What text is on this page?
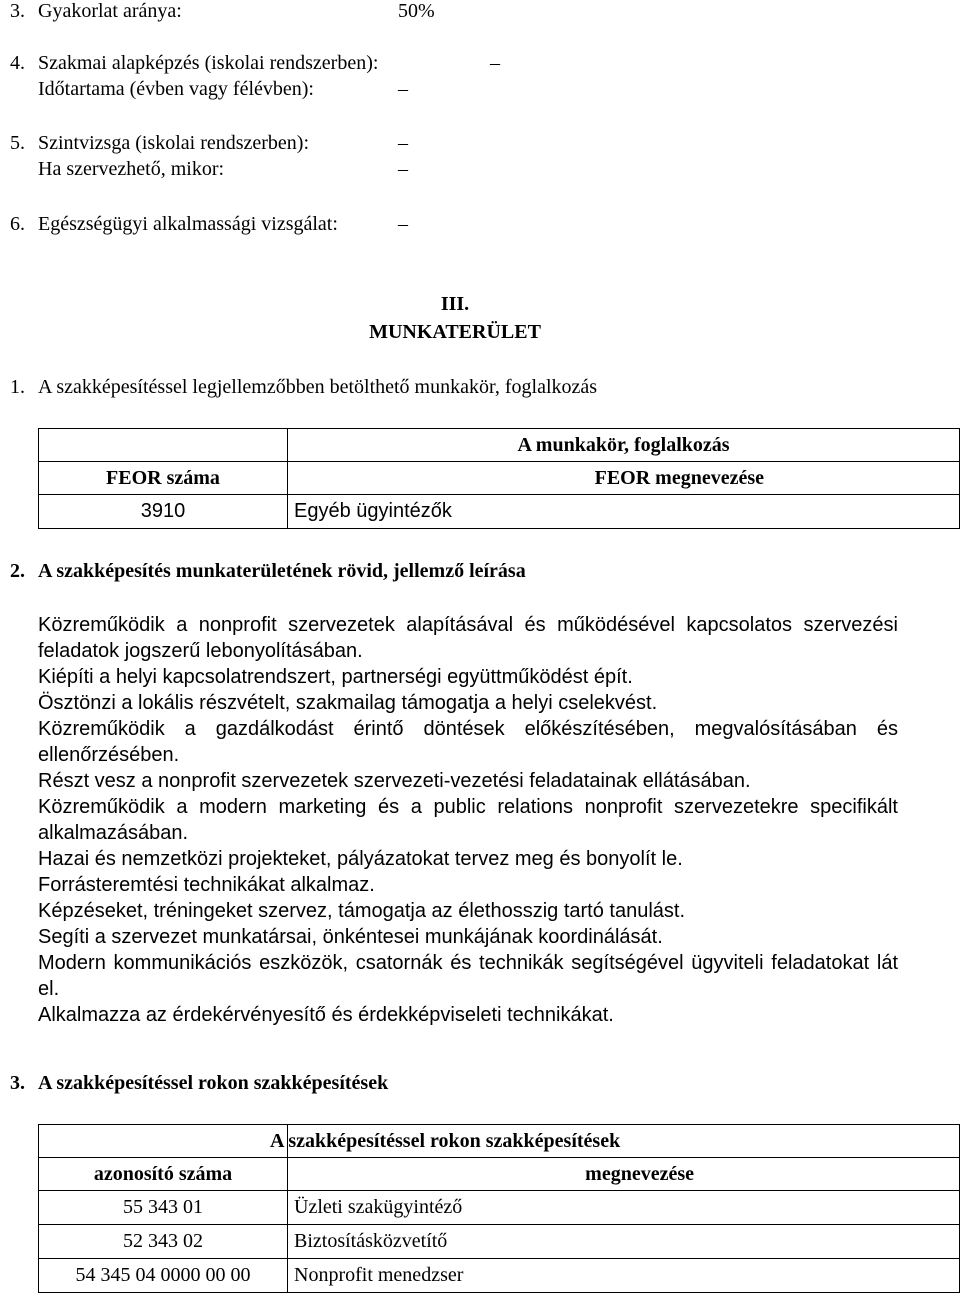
3. Gyakorlat aránya:	50%
4. Szakmai alapképzés (iskolai rendszerben):	–
Időtartama (évben vagy félévben):	–
5. Szintvizsga (iskolai rendszerben):	–
Ha szervezhető, mikor:	–
6. Egészségügyi alkalmassági vizsgálat:	–
III.
MUNKATERÜLET
1. A szakképesítéssel legjellemzőbben betölthető munkakör, foglalkozás
	A munkakör, foglalkozás
FEOR száma	FEOR megnevezése
3910	Egyéb ügyintézők
2. A szakképesítés munkaterületének rövid, jellemző leírása
Közreműködik a nonprofit szervezetek alapításával és működésével kapcsolatos szervezési feladatok jogszerű lebonyolításában.
Kiépíti a helyi kapcsolatrendszert, partnerségi együttműködést épít.
Ösztönzi a lokális részvételt, szakmailag támogatja a helyi cselekvést.
Közreműködik a gazdálkodást érintő döntések előkészítésében, megvalósításában és ellenőrzésében.
Részt vesz a nonprofit szervezetek szervezeti-vezetési feladatainak ellátásában.
Közreműködik a modern marketing és a public relations nonprofit szervezetekre specifikált alkalmazásában.
Hazai és nemzetközi projekteket, pályázatokat tervez meg és bonyolít le.
Forrásteremtési technikákat alkalmaz.
Képzéseket, tréningeket szervez, támogatja az élethosszig tartó tanulást.
Segíti a szervezet munkatársai, önkéntesei munkájának koordinálását.
Modern kommunikációs eszközök, csatornák és technikák segítségével ügyviteli feladatokat lát el.
Alkalmazza az érdekérvényesítő és érdekképviseleti technikákat.
3. A szakképesítéssel rokon szakképesítések
	A szakképesítéssel rokon szakképesítések
azonosító száma	megnevezése
55 343 01	Üzleti szakügyintéző
52 343 02	Biztosításközvetítő
54 345 04 0000 00 00	Nonprofit menedzser
